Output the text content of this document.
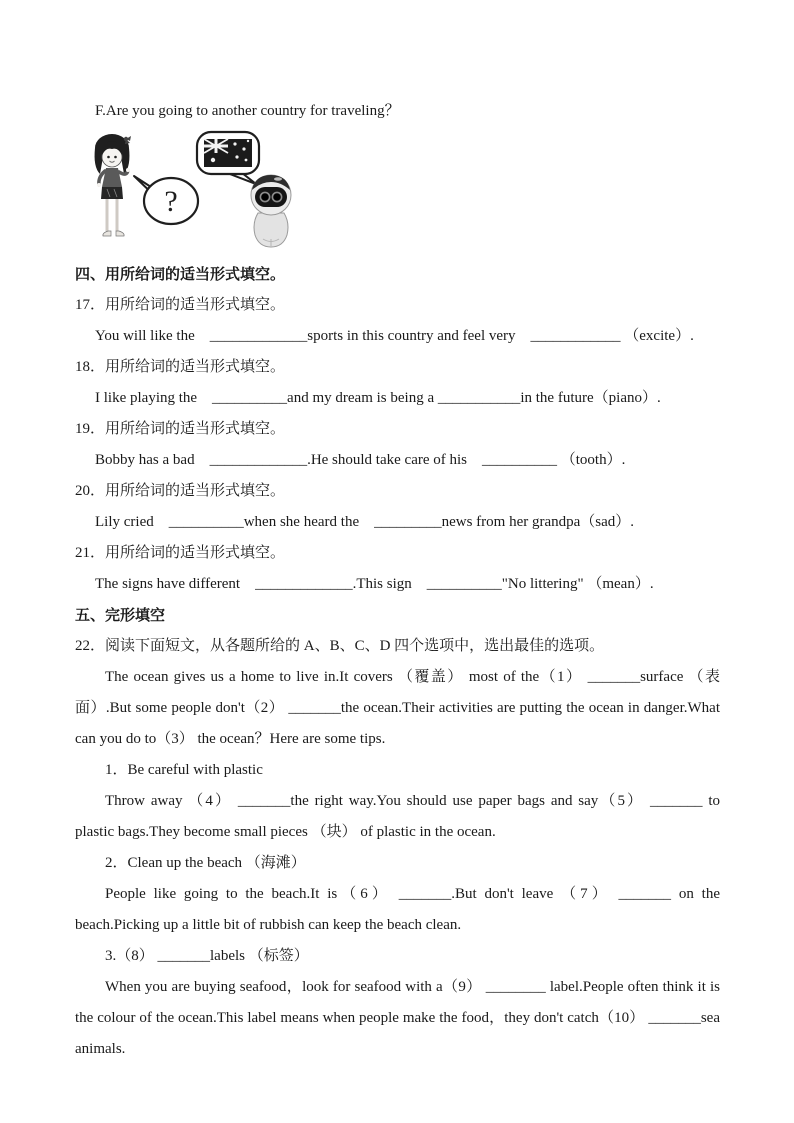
F.Are you going to another country for traveling？

?
四、用所给词的适当形式填空。

17．用所给词的适当形式填空。

You will like the　_____________sports in this country and feel very　____________ （excite）.

18．用所给词的适当形式填空。

I like playing the　__________and my dream is being a ___________in the future（piano）.

19．用所给词的适当形式填空。

Bobby has a bad　_____________.He should take care of his　__________ （tooth）.

20．用所给词的适当形式填空。

Lily cried　__________when she heard the　_________news from her grandpa（sad）.

21．用所给词的适当形式填空。

The signs have different　_____________.This sign　__________"No littering" （mean）.

五、完形填空

22．阅读下面短文，从各题所给的 A、B、C、D 四个选项中，选出最佳的选项。

The ocean gives us a home to live in.It covers （覆盖） most of the（1） _______surface （表面）.But some people don't（2） _______the ocean.Their activities are putting the ocean in danger.What can you do to（3） the ocean？Here are some tips.

1．Be careful with plastic

Throw away （4） _______the right way.You should use paper bags and say（5） _______ to plastic bags.They become small pieces （块） of plastic in the ocean.

2．Clean up the beach （海滩）

People like going to the beach.It is（6） _______.But don't leave （7） _______ on the beach.Picking up a little bit of rubbish can keep the beach clean.

3.（8） _______labels （标签）

When you are buying seafood，look for seafood with a（9） ________ label.People often think it is the colour of the ocean.This label means when people make the food，they don't catch（10） _______sea animals.
